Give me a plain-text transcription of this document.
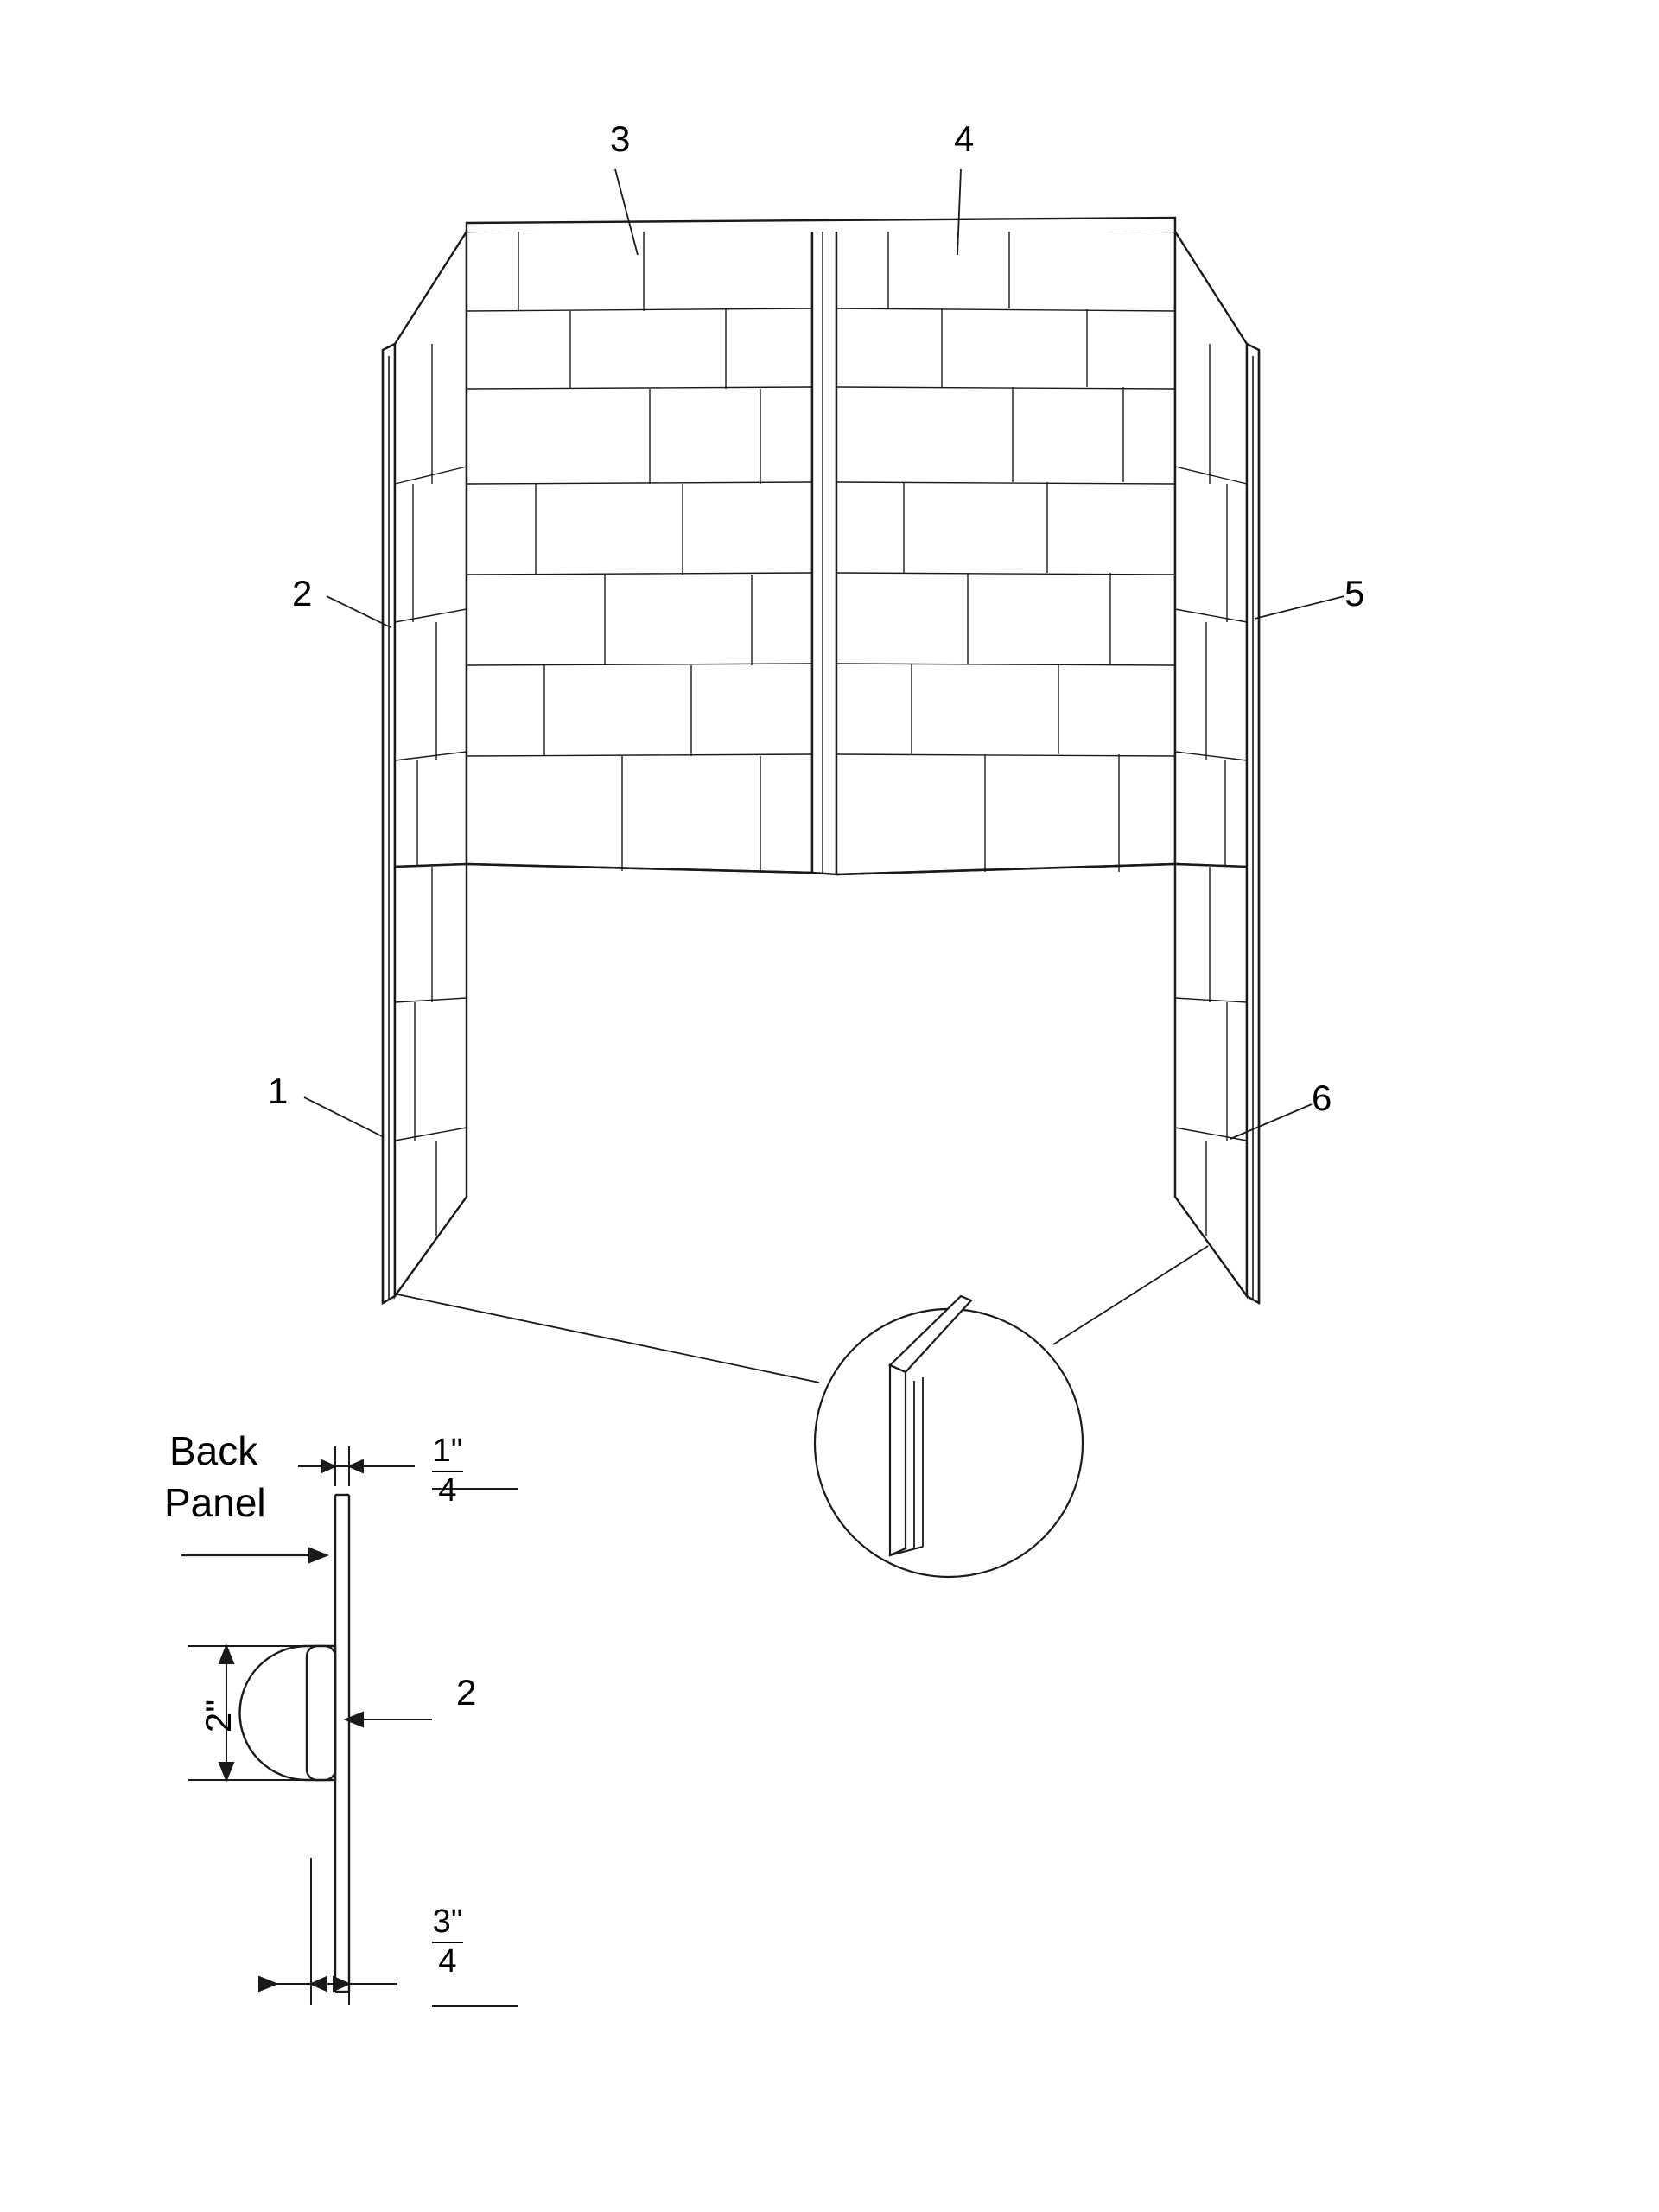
3	4
2	5
1	6
Back
Panel
1"
4
3"
4
2"
2
